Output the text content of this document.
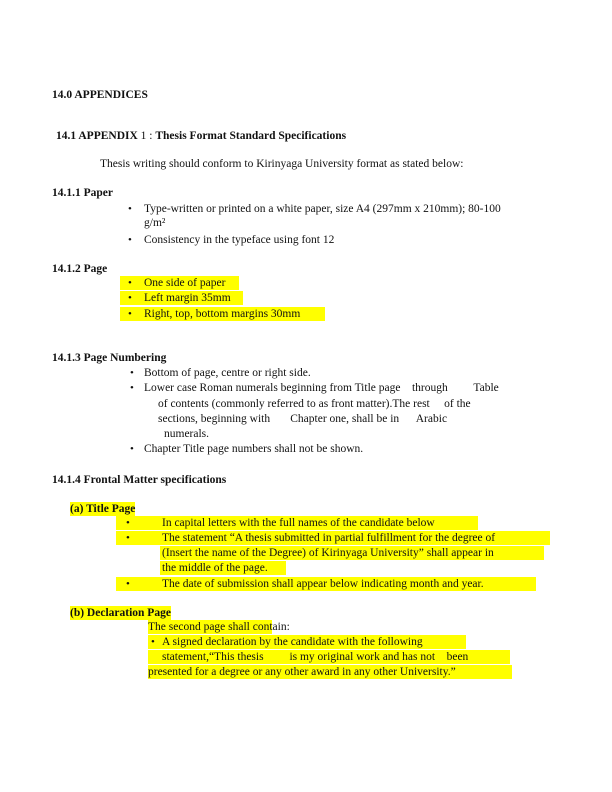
14.0 APPENDICES
14.1 APPENDIX 1 : Thesis Format Standard Specifications
Thesis writing should conform to Kirinyaga University format as stated below:
14.1.1 Paper
• Type-written or printed on a white paper, size A4 (297mm x 210mm); 80-100
g/m²
• Consistency in the typeface using font 12
14.1.2 Page
• One side of paper
• Left margin 35mm
• Right, top, bottom margins 30mm
14.1.3 Page Numbering
• Bottom of page, centre or right side.
• Lower case Roman numerals beginning from Title page    through         Table
of contents (commonly referred to as front matter).The rest     of the
sections, beginning with       Chapter one, shall be in      Arabic
numerals.
• Chapter Title page numbers shall not be shown.
14.1.4 Frontal Matter specifications
(a) Title Page
•	In capital letters with the full names of the candidate below
•	The statement “A thesis submitted in partial fulfillment for the degree of
(Insert the name of the Degree) of Kirinyaga University” shall appear in
the middle of the page.
•	The date of submission shall appear below indicating month and year.
(b) Declaration Page
The second page shall contain:
• A signed declaration by the candidate with the following
statement,“This thesis         is my original work and has not    been
presented for a degree or any other award in any other University.”
